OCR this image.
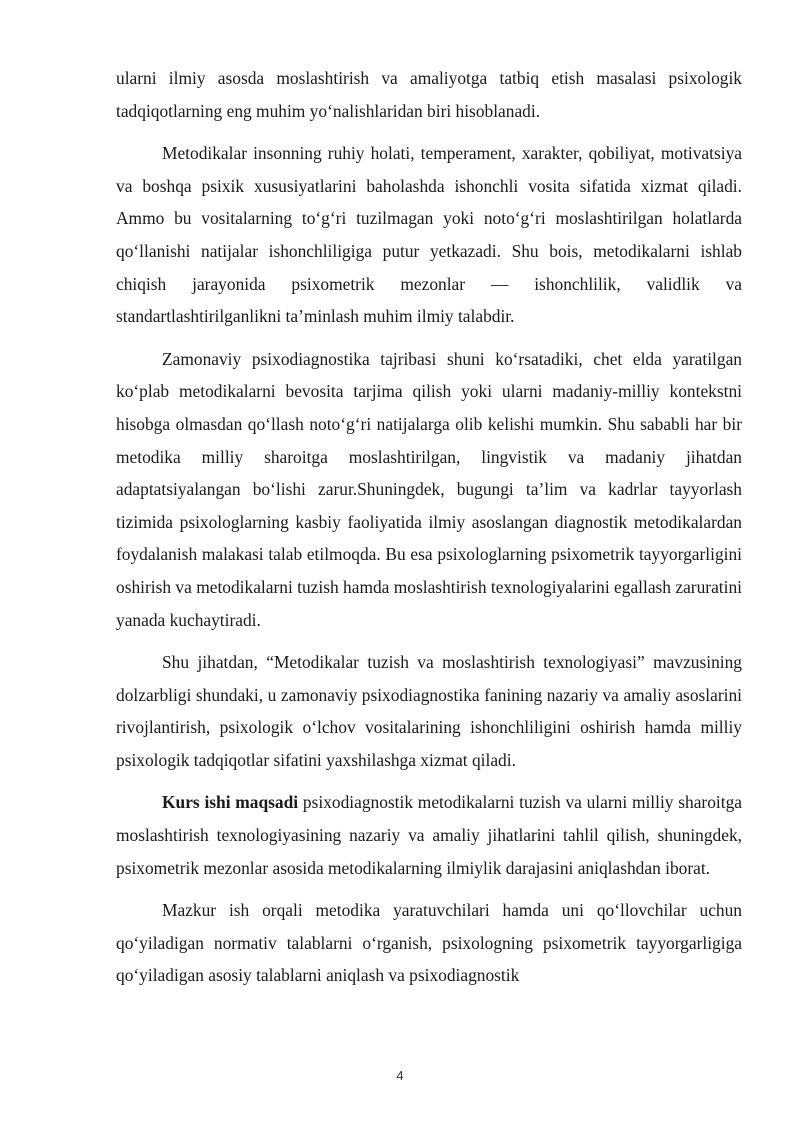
ularni ilmiy asosda moslashtirish va amaliyotga tatbiq etish masalasi psixologik tadqiqotlarning eng muhim yo‘nalishlaridan biri hisoblanadi.

Metodikalar insonning ruhiy holati, temperament, xarakter, qobiliyat, motivatsiya va boshqa psixik xususiyatlarini baholashda ishonchli vosita sifatida xizmat qiladi. Ammo bu vositalarning to‘g‘ri tuzilmagan yoki noto‘g‘ri moslashtirilgan holatlarda qo‘llanishi natijalar ishonchliligiga putur yetkazadi. Shu bois, metodikalarni ishlab chiqish jarayonida psixometrik mezonlar — ishonchlilik, validlik va standartlashtirilganlikni ta’minlash muhim ilmiy talabdir.

Zamonaviy psixodiagnostika tajribasi shuni ko‘rsatadiki, chet elda yaratilgan ko‘plab metodikalarni bevosita tarjima qilish yoki ularni madaniy-milliy kontekstni hisobga olmasdan qo‘llash noto‘g‘ri natijalarga olib kelishi mumkin. Shu sababli har bir metodika milliy sharoitga moslashtirilgan, lingvistik va madaniy jihatdan adaptatsiyalangan bo‘lishi zarur.Shuningdek, bugungi ta’lim va kadrlar tayyorlash tizimida psixologlarning kasbiy faoliyatida ilmiy asoslangan diagnostik metodikalardan foydalanish malakasi talab etilmoqda. Bu esa psixologlarning psixometrik tayyorgarligini oshirish va metodikalarni tuzish hamda moslashtirish texnologiyalarini egallash zaruratini yanada kuchaytiradi.

Shu jihatdan, “Metodikalar tuzish va moslashtirish texnologiyasi” mavzusining dolzarbligi shundaki, u zamonaviy psixodiagnostika fanining nazariy va amaliy asoslarini rivojlantirish, psixologik o‘lchov vositalarining ishonchliligini oshirish hamda milliy psixologik tadqiqotlar sifatini yaxshilashga xizmat qiladi.

Kurs ishi maqsadi psixodiagnostik metodikalarni tuzish va ularni milliy sharoitga moslashtirish texnologiyasining nazariy va amaliy jihatlarini tahlil qilish, shuningdek, psixometrik mezonlar asosida metodikalarning ilmiylik darajasini aniqlashdan iborat.

Mazkur ish orqali metodika yaratuvchilari hamda uni qo‘llovchilar uchun qo‘yiladigan normativ talablarni o‘rganish, psixologning psixometrik tayyorgarligiga qo‘yiladigan asosiy talablarni aniqlash va psixodiagnostik

4
